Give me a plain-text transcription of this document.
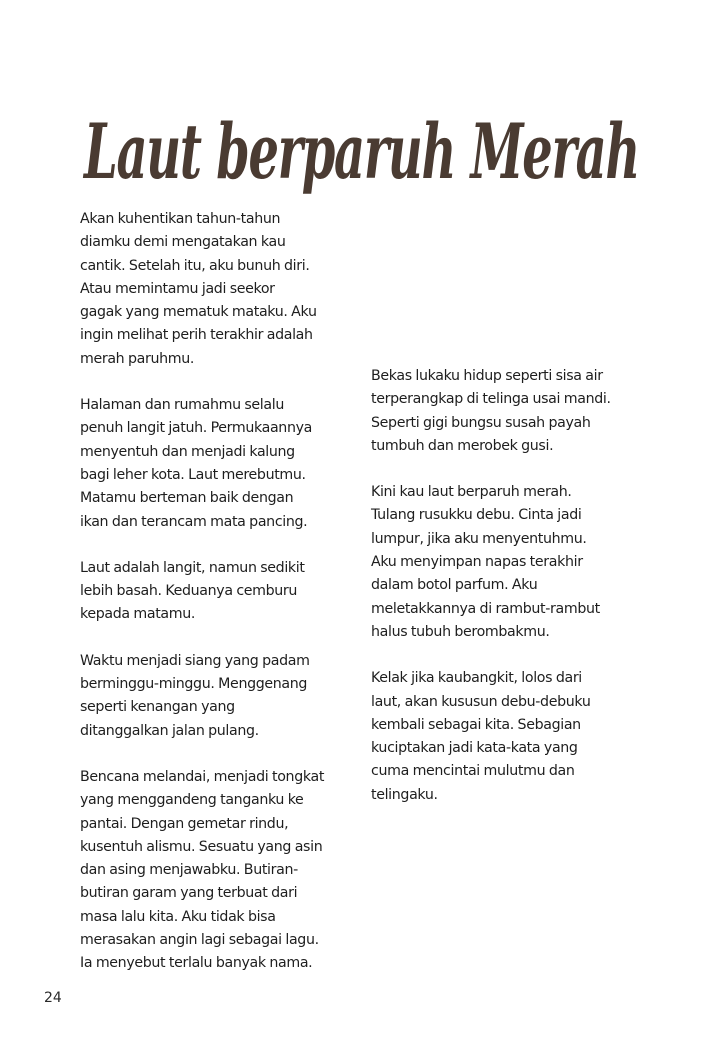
Laut berparuh Merah
Akan kuhentikan tahun-tahun
diamku demi mengatakan kau
cantik. Setelah itu, aku bunuh diri.
Atau memintamu jadi seekor
gagak yang mematuk mataku. Aku
ingin melihat perih terakhir adalah
merah paruhmu.
Halaman dan rumahmu selalu
penuh langit jatuh. Permukaannya
menyentuh dan menjadi kalung
bagi leher kota. Laut merebutmu.
Matamu berteman baik dengan
ikan dan terancam mata pancing.
Laut adalah langit, namun sedikit
lebih basah. Keduanya cemburu
kepada matamu.
Waktu menjadi siang yang padam
berminggu-minggu. Menggenang
seperti kenangan yang
ditanggalkan jalan pulang.
Bencana melandai, menjadi tongkat
yang menggandeng tanganku ke
pantai. Dengan gemetar rindu,
kusentuh alismu. Sesuatu yang asin
dan asing menjawabku. Butiran-
butiran garam yang terbuat dari
masa lalu kita. Aku tidak bisa
merasakan angin lagi sebagai lagu.
Ia menyebut terlalu banyak nama.
Bekas lukaku hidup seperti sisa air
terperangkap di telinga usai mandi.
Seperti gigi bungsu susah payah
tumbuh dan merobek gusi.
Kini kau laut berparuh merah.
Tulang rusukku debu. Cinta jadi
lumpur, jika aku menyentuhmu.
Aku menyimpan napas terakhir
dalam botol parfum. Aku
meletakkannya di rambut-rambut
halus tubuh berombakmu.
Kelak jika kaubangkit, lolos dari
laut, akan kususun debu-debuku
kembali sebagai kita. Sebagian
kuciptakan jadi kata-kata yang
cuma mencintai mulutmu dan
telingaku.
24
